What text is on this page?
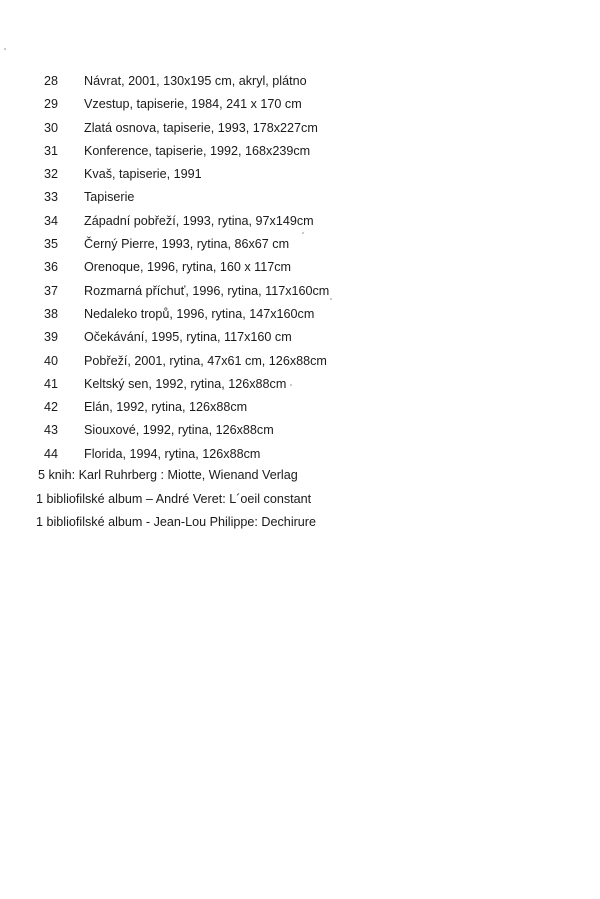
28	Návrat, 2001, 130x195 cm, akryl, plátno
29	Vzestup, tapiserie, 1984, 241 x 170 cm
30	Zlatá osnova, tapiserie, 1993, 178x227cm
31	Konference, tapiserie, 1992, 168x239cm
32	Kvaš, tapiserie, 1991
33	Tapiserie
34	Západní pobřeží, 1993, rytina, 97x149cm
35	Černý Pierre, 1993, rytina, 86x67 cm
36	Orenoque, 1996, rytina, 160 x 117cm
37	Rozmarná příchuť, 1996, rytina, 117x160cm
38	Nedaleko tropů, 1996, rytina, 147x160cm
39	Očekávání, 1995, rytina, 117x160 cm
40	Pobřeží, 2001, rytina, 47x61 cm, 126x88cm
41	Keltský sen, 1992, rytina, 126x88cm
42	Elán, 1992, rytina, 126x88cm
43	Siouxové, 1992, rytina, 126x88cm
44	Florida, 1994, rytina, 126x88cm
5 knih: Karl Ruhrberg : Miotte, Wienand Verlag
1 bibliofilské album – André Veret: L´oeil constant
1 bibliofilské album - Jean-Lou Philippe: Dechirure
